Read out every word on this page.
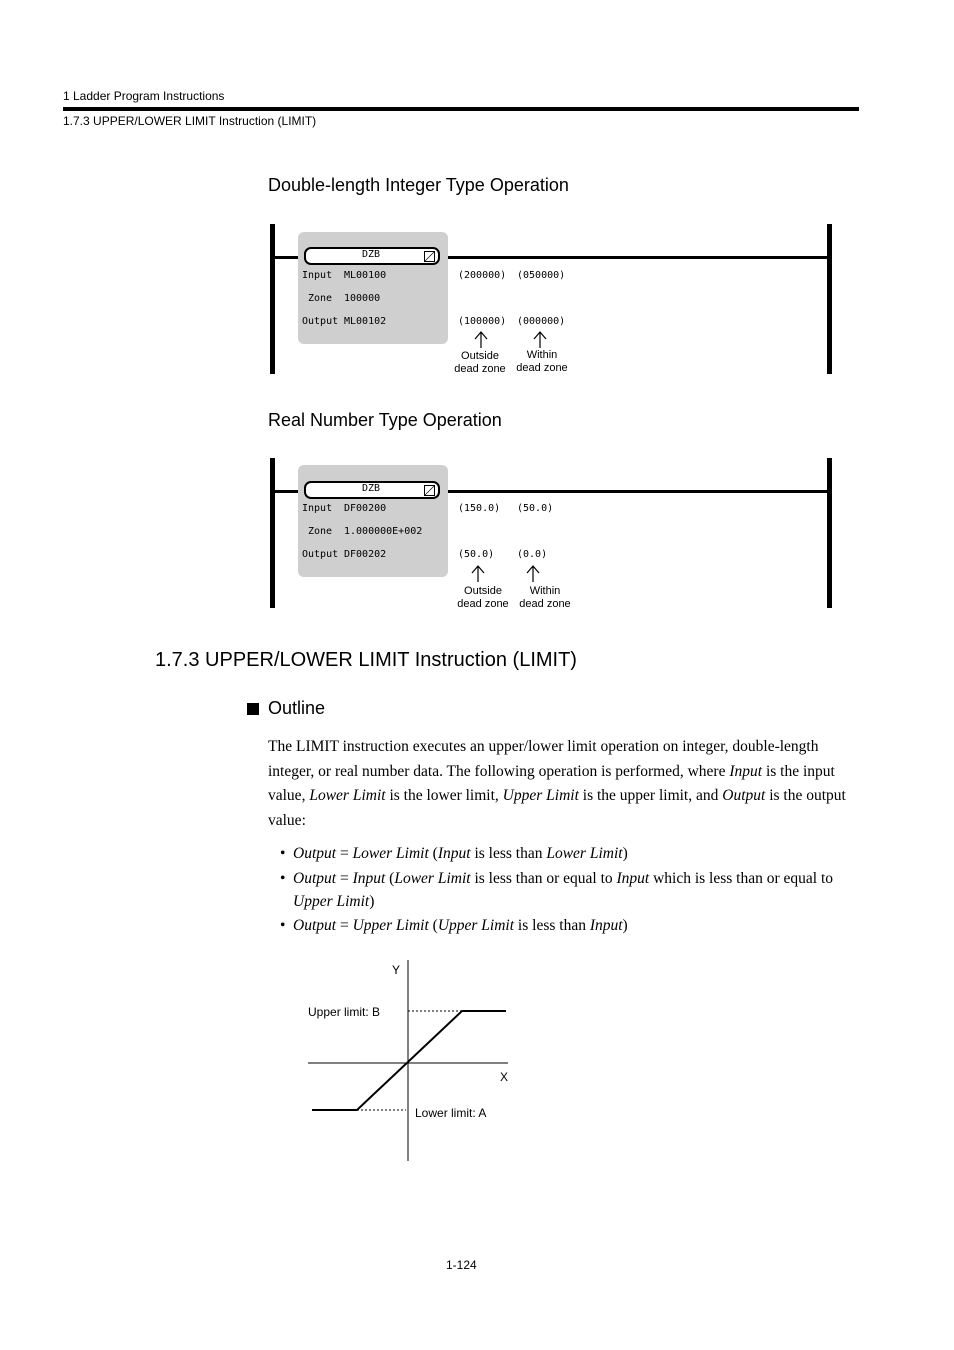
1 Ladder Program Instructions
1.7.3 UPPER/LOWER LIMIT Instruction (LIMIT)
Double-length Integer Type Operation
DZB
Input ML00100
Zone 100000
Output ML00102
(200000) (050000)
(100000) (000000)
Outside
dead zone
Within
dead zone
Real Number Type Operation
DZB
Input DF00200
Zone 1.000000E+002
Output DF00202
(150.0) (50.0)
(50.0) (0.0)
Outside
dead zone
Within
dead zone
1.7.3 UPPER/LOWER LIMIT Instruction (LIMIT)
Outline
The LIMIT instruction executes an upper/lower limit operation on integer, double-length integer, or real number data. The following operation is performed, where Input is the input value, Lower Limit is the lower limit, Upper Limit is the upper limit, and Output is the output value:
• Output = Lower Limit (Input is less than Lower Limit)
• Output = Input (Lower Limit is less than or equal to Input which is less than or equal to Upper Limit)
• Output = Upper Limit (Upper Limit is less than Input)
Y
X
Upper limit: B
Lower limit: A
1-124
